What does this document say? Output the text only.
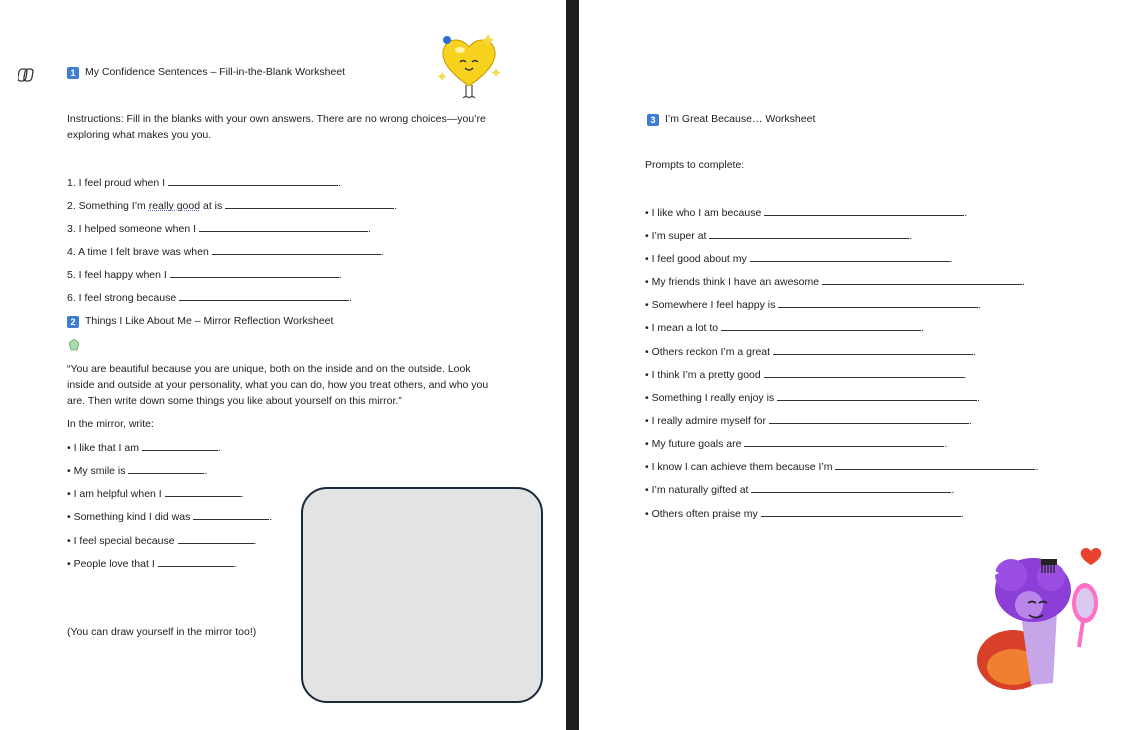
1 My Confidence Sentences – Fill-in-the-Blank Worksheet
Instructions: Fill in the blanks with your own answers. There are no wrong choices—you’re
exploring what makes you you.
1. I feel proud when I	.
2. Something I’m really good at is	.
3. I helped someone when I	.
4. A time I felt brave was when	.
5. I feel happy when I	.
6. I feel strong because	.
2 Things I Like About Me – Mirror Reflection Worksheet
“You are beautiful because you are unique, both on the inside and on the outside. Look
inside and outside at your personality, what you can do, how you treat others, and who you
are. Then write down some things you like about yourself on this mirror.”
In the mirror, write:
• I like that I am	.
• My smile is	.
• I am helpful when I	.
• Something kind I did was	.
• I feel special because	.
• People love that I	.
(You can draw yourself in the mirror too!)
3 I’m Great Because… Worksheet
Prompts to complete:
• I like who I am because	.
• I’m super at	.
• I feel good about my	.
• My friends think I have an awesome	.
• Somewhere I feel happy is	.
• I mean a lot to	.
• Others reckon I’m a great	.
• I think I’m a pretty good	.
• Something I really enjoy is	.
• I really admire myself for	.
• My future goals are	.
• I know I can achieve them because I’m	.
• I’m naturally gifted at	.
• Others often praise my	.
